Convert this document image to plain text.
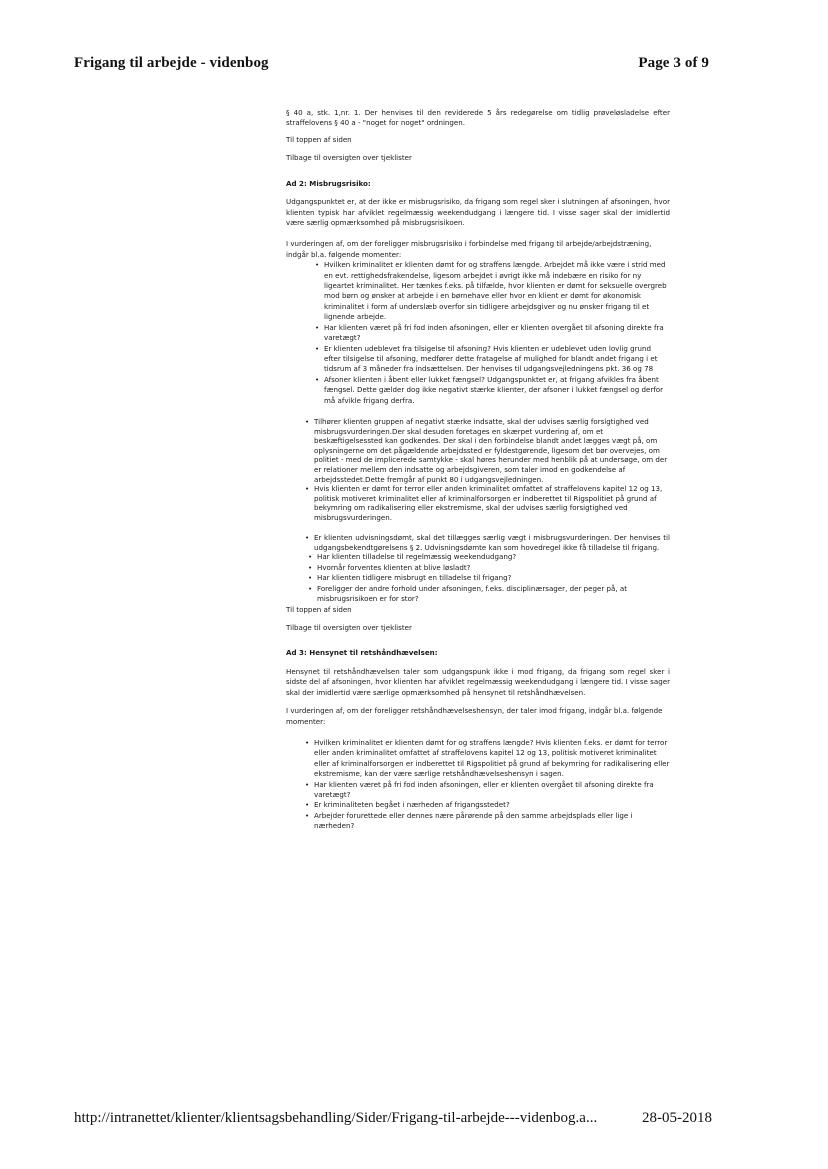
Frigang til arbejde - videnbog	Page 3 of 9

§ 40 a, stk. 1,nr. 1. Der henvises til den reviderede 5 års redegørelse om tidlig prøveløsladelse efter straffelovens § 40 a - "noget for noget" ordningen.

Til toppen af siden

Tilbage til oversigten over tjeklister

Ad 2: Misbrugsrisiko:

Udgangspunktet er, at der ikke er misbrugsrisiko, da frigang som regel sker i slutningen af afsoningen, hvor klienten typisk har afviklet regelmæssig weekendudgang i længere tid. I visse sager skal der imidlertid være særlig opmærksomhed på misbrugsrisikoen.

I vurderingen af, om der foreligger misbrugsrisiko i forbindelse med frigang til arbejde/arbejdstræning, indgår bl.a. følgende momenter:

• Hvilken kriminalitet er klienten dømt for og straffens længde. Arbejdet må ikke være i strid med en evt. rettighedsfrakendelse, ligesom arbejdet i øvrigt ikke må indebære en risiko for ny ligeartet kriminalitet. Her tænkes f.eks. på tilfælde, hvor klienten er dømt for seksuelle overgreb mod børn og ønsker at arbejde i en børnehave eller hvor en klient er dømt for økonomisk kriminalitet i form af underslæb overfor sin tidligere arbejdsgiver og nu ønsker frigang til et lignende arbejde.
• Har klienten været på fri fod inden afsoningen, eller er klienten overgået til afsoning direkte fra varetægt?
• Er klienten udeblevet fra tilsigelse til afsoning? Hvis klienten er udeblevet uden lovlig grund efter tilsigelse til afsoning, medfører dette fratagelse af mulighed for blandt andet frigang i et tidsrum af 3 måneder fra indsættelsen. Der henvises til udgangsvejledningens pkt. 36 og 78
• Afsoner klienten i åbent eller lukket fængsel? Udgangspunktet er, at frigang afvikles fra åbent fængsel. Dette gælder dog ikke negativt stærke klienter, der afsoner i lukket fængsel og derfor må afvikle frigang derfra.
• Tilhører klienten gruppen af negativt stærke indsatte, skal der udvises særlig forsigtighed ved misbrugsvurderingen.Der skal desuden foretages en skærpet vurdering af, om et beskæftigelsessted kan godkendes. Der skal i den forbindelse blandt andet lægges vægt på, om oplysningerne om det pågældende arbejdssted er fyldestgørende, ligesom det bør overvejes, om politiet - med de implicerede samtykke - skal høres herunder med henblik på at undersøge, om der er relationer mellem den indsatte og arbejdsgiveren, som taler imod en godkendelse af arbejdsstedet.Dette fremgår af punkt 80 i udgangsvejledningen.
• Hvis klienten er dømt for terror eller anden kriminalitet omfattet af straffelovens kapitel 12 og 13, politisk motiveret kriminalitet eller af kriminalforsorgen er indberettet til Rigspolitiet på grund af bekymring om radikalisering eller ekstremisme, skal der udvises særlig forsigtighed ved misbrugsvurderingen.
• Er klienten udvisningsdømt, skal det tillægges særlig vægt i misbrugsvurderingen. Der henvises til udgangsbekendtgørelsens § 2. Udvisningsdømte kan som hovedregel ikke få tilladelse til frigang.
• Har klienten tilladelse til regelmæssig weekendudgang?
• Hvornår forventes klienten at blive løsladt?
• Har klienten tidligere misbrugt en tilladelse til frigang?
• Foreligger der andre forhold under afsoningen, f.eks. disciplinærsager, der peger på, at misbrugsrisikoen er for stor?

Til toppen af siden

Tilbage til oversigten over tjeklister

Ad 3: Hensynet til retshåndhævelsen:

Hensynet til retshåndhævelsen taler som udgangspunk ikke i mod frigang, da frigang som regel sker i sidste del af afsoningen, hvor klienten har afviklet regelmæssig weekendudgang i længere tid. I visse sager skal der imidlertid være særlige opmærksomhed på hensynet til retshåndhævelsen.

I vurderingen af, om der foreligger retshåndhævelseshensyn, der taler imod frigang, indgår bl.a. følgende momenter:

• Hvilken kriminalitet er klienten dømt for og straffens længde? Hvis klienten f.eks. er dømt for terror eller anden kriminalitet omfattet af straffelovens kapitel 12 og 13, politisk motiveret kriminalitet eller af kriminalforsorgen er indberettet til Rigspolitiet på grund af bekymring for radikalisering eller ekstremisme, kan der være særlige retshåndhævelseshensyn i sagen.
• Har klienten været på fri fod inden afsoningen, eller er klienten overgået til afsoning direkte fra varetægt?
• Er kriminaliteten begået i nærheden af frigangsstedet?
• Arbejder forurettede eller dennes nære pårørende på den samme arbejdsplads eller lige i nærheden?
http://intranettet/klienter/klientsagsbehandling/Sider/Frigang-til-arbejde---videnbog.a...	28-05-2018
